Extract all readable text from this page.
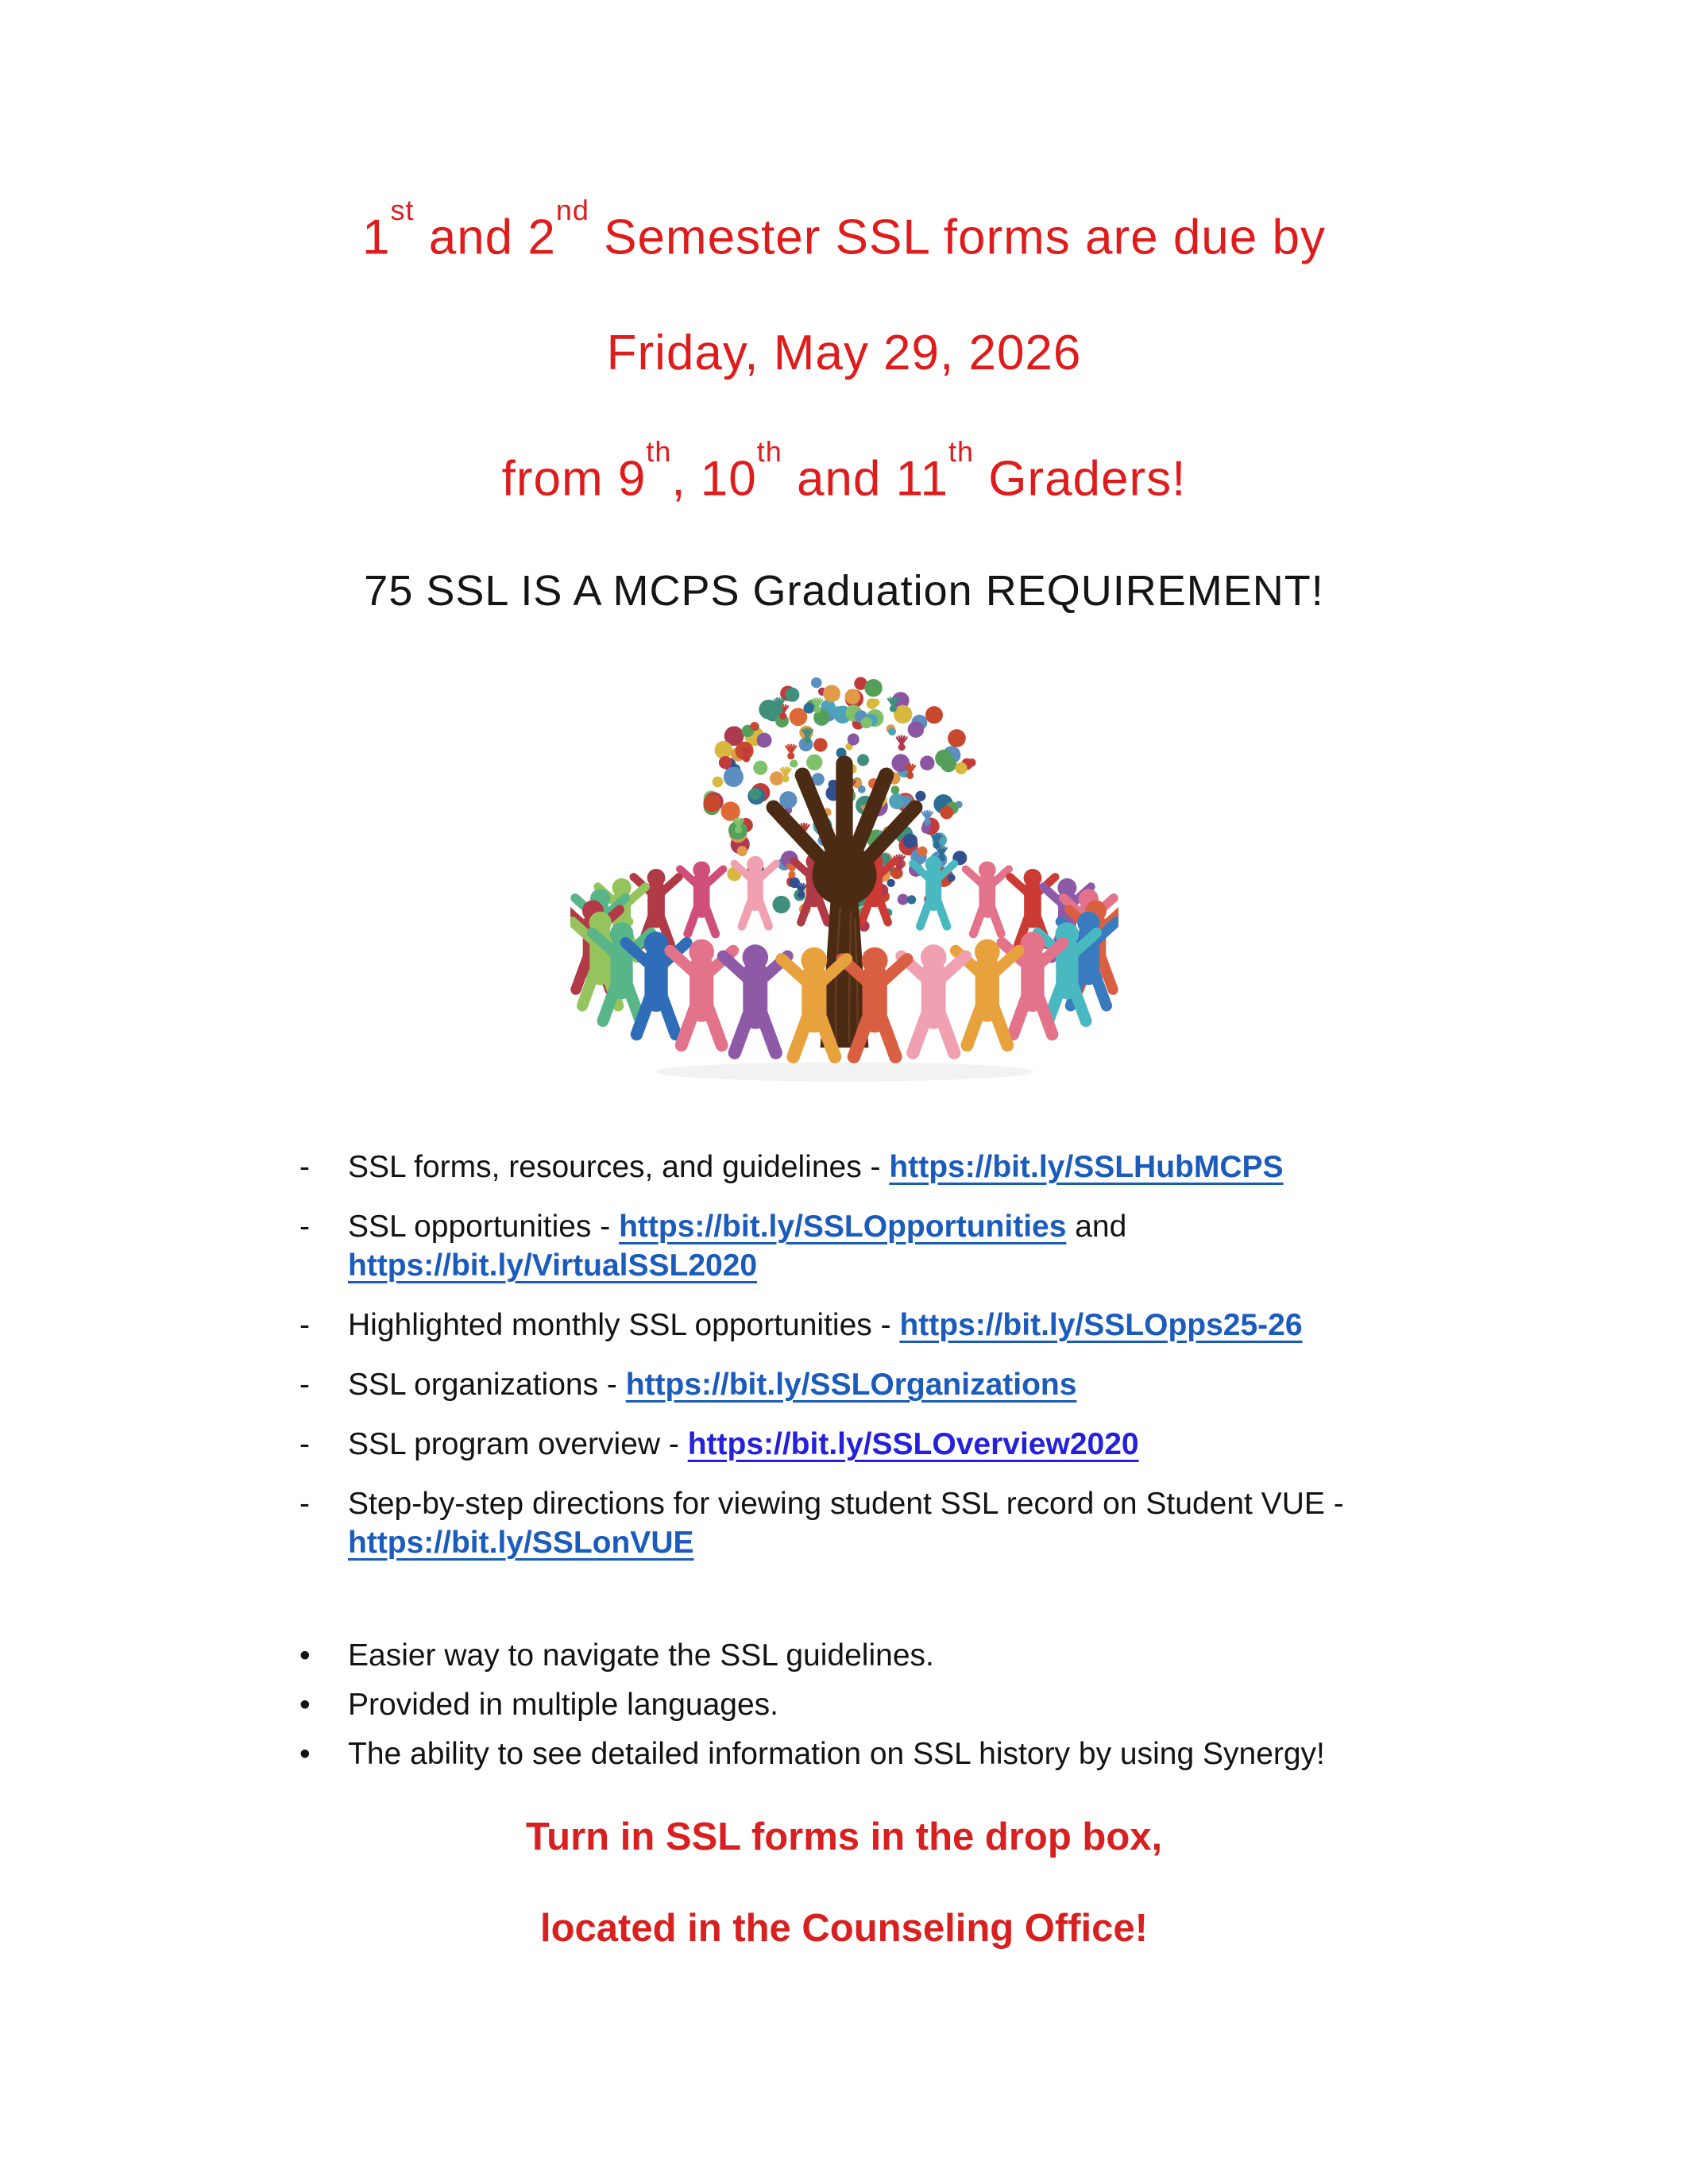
1st and 2nd Semester SSL forms are due by
Friday, May 29, 2026
from 9th, 10th and 11th Graders!
75 SSL IS A MCPS Graduation REQUIREMENT!
-	SSL forms, resources, and guidelines - https://bit.ly/SSLHubMCPS
-	SSL opportunities - https://bit.ly/SSLOpportunities and
https://bit.ly/VirtualSSL2020
-	Highlighted monthly SSL opportunities - https://bit.ly/SSLOpps25-26
-	SSL organizations - https://bit.ly/SSLOrganizations
-	SSL program overview - https://bit.ly/SSLOverview2020
-	Step-by-step directions for viewing student SSL record on Student VUE -
https://bit.ly/SSLonVUE
•	Easier way to navigate the SSL guidelines.
•	Provided in multiple languages.
•	The ability to see detailed information on SSL history by using Synergy!

Turn in SSL forms in the drop box,

located in the Counseling Office!
